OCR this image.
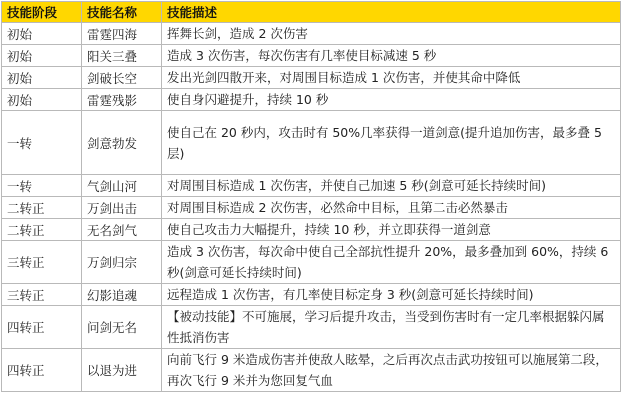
技能阶段	技能名称	技能描述
初始	雷霆四海	挥舞长剑，造成 2 次伤害
初始	阳关三叠	造成 3 次伤害，每次伤害有几率使目标减速 5 秒
初始	剑破长空	发出光剑四散开来，对周围目标造成 1 次伤害，并使其命中降低
初始	雷霆残影	使自身闪避提升，持续 10 秒
一转	剑意勃发	使自己在 20 秒内，攻击时有 50%几率获得一道剑意(提升追加伤害，最多叠 5 层)
一转	气剑山河	对周围目标造成 1 次伤害，并使自己加速 5 秒(剑意可延长持续时间)
二转正	万剑出击	对周围目标造成 2 次伤害，必然命中目标，且第二击必然暴击
二转正	无名剑气	使自己攻击力大幅提升，持续 10 秒，并立即获得一道剑意
三转正	万剑归宗	造成 3 次伤害，每次命中使自己全部抗性提升 20%，最多叠加到 60%，持续 6 秒(剑意可延长持续时间)
三转正	幻影追魂	远程造成 1 次伤害，有几率使目标定身 3 秒(剑意可延长持续时间)
四转正	问剑无名	【被动技能】不可施展，学习后提升攻击，当受到伤害时有一定几率根据躲闪属性抵消伤害
四转正	以退为进	向前飞行 9 米造成伤害并使敌人眩晕，之后再次点击武功按钮可以施展第二段，再次飞行 9 米并为您回复气血
